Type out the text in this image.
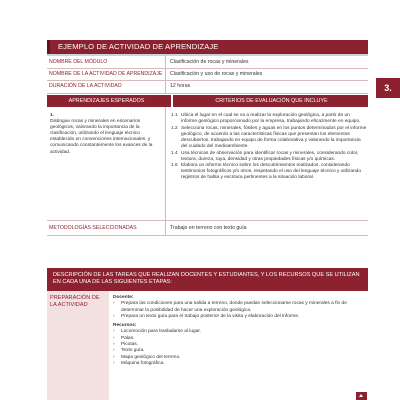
EJEMPLO DE ACTIVIDAD DE APRENDIZAJE
NOMBRE DEL MÓDULO	Clasificación de rocas y minerales
NOMBRE DE LA ACTIVIDAD DE APRENDIZAJE	Clasificación y uso de rocas y minerales
DURACIÓN DE LA ACTIVIDAD	12 horas	3.
APRENDIZAJES ESPERADOS	CRITERIOS DE EVALUACIÓN QUE INCLUYE
1.
Distingue rocas y minerales en escenarios geológicos, valorando la importancia de la clasificación, utilizando el lenguaje técnico establecido en convenciones internacionales, y comunicando constantemente los avances de la actividad.
1.1 Ubica el lugar en el cual se va a realizar la exploración geológica, a partir de un informe geológico proporcionado por la empresa, trabajando eficazmente en equipo.
1.2 Selecciona rocas, minerales, fósiles y aguas en los puntos determinados por el informe geológico, de acuerdo a las características físicas que presentan los elementos descubiertos, trabajando en equipo de forma colaborativa y valorando la importancia del cuidado del medioambiente.
1.4 Usa técnicas de observación para identificar rocas y minerales, considerando color, textura, dureza, raya, densidad y otras propiedades físicas y/o químicas.
1.6 Elabora un informe técnico sobre los descubrimientos realizados, considerando testimonios fotográficos y/o otros, respetando el uso del lenguaje técnico y utilizando registros de habla y escritura pertinentes a la situación laboral.
METODOLOGÍAS SELECCIONADAS	Trabajo en terreno con texto guía
DESCRIPCIÓN DE LAS TAREAS QUE REALIZAN DOCENTES Y ESTUDIANTES, Y LOS RECURSOS QUE SE UTILIZAN EN CADA UNA DE LAS SIGUIENTES ETAPAS:
PREPARACIÓN DE LA ACTIVIDAD
Docente:
› Prepara las condiciones para una salida a terreno, donde puedan seleccionarse rocas y minerales a fin de determinar la posibilidad de hacer una exploración geológica.
› Prepara un texto guía para el trabajo posterior de la visita y elaboración del informe.
Recursos:
› Locomoción para trasladarse al lugar.
› Palas.
› Picotas.
› Texto guía.
› Mapa geológico del terreno.
› Máquina fotográfica.
